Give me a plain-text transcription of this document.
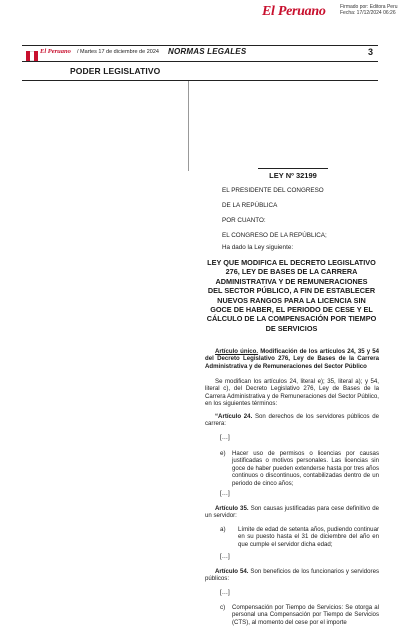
El Peruano	Firmado por: Editora Peru
Fecha: 17/12/2024 06:26
El Peruano / Martes 17 de diciembre de 2024 NORMAS LEGALES	3
PODER LEGISLATIVO
LEY Nº 32199
EL PRESIDENTE DEL CONGRESO
DE LA REPÚBLICA
POR CUANTO:
EL CONGRESO DE LA REPÚBLICA;
Ha dado la Ley siguiente:
LEY QUE MODIFICA EL DECRETO LEGISLATIVO
276, LEY DE BASES DE LA CARRERA
ADMINISTRATIVA Y DE REMUNERACIONES
DEL SECTOR PÚBLICO, A FIN DE ESTABLECER
NUEVOS RANGOS PARA LA LICENCIA SIN
GOCE DE HABER, EL PERIODO DE CESE Y EL
CÁLCULO DE LA COMPENSACIÓN POR TIEMPO
DE SERVICIOS
Artículo único. Modificación de los artículos 24, 35 y 54 del Decreto Legislativo 276, Ley de Bases de la Carrera Administrativa y de Remuneraciones del Sector Público
Se modifican los artículos 24, literal e); 35, literal a); y 54, literal c), del Decreto Legislativo 276, Ley de Bases de la Carrera Administrativa y de Remuneraciones del Sector Público, en los siguientes términos:
“Artículo 24. Son derechos de los servidores públicos de carrera:
[…]
e) Hacer uso de permisos o licencias por causas justificadas o motivos personales. Las licencias sin goce de haber pueden extenderse hasta por tres años continuos o discontinuos, contabilizadas dentro de un periodo de cinco años;
[…]
Artículo 35. Son causas justificadas para cese definitivo de un servidor:
a) Límite de edad de setenta años, pudiendo continuar en su puesto hasta el 31 de diciembre del año en que cumple el servidor dicha edad;
[…]
Artículo 54. Son beneficios de los funcionarios y servidores públicos:
[…]
c) Compensación por Tiempo de Servicios: Se otorga al personal una Compensación por Tiempo de Servicios (CTS), al momento del cese por el importe
